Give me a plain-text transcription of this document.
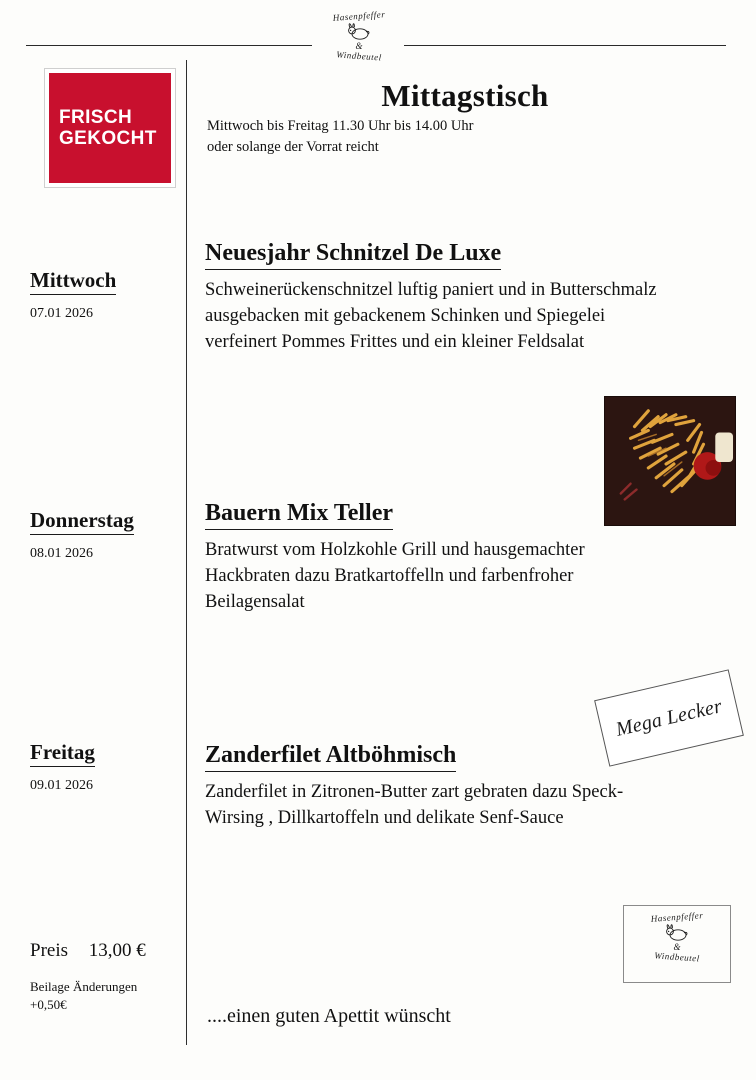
Hasenpfeffer
&
Windbeutel
FRISCH
GEKOCHT
Mittagstisch
Mittwoch bis Freitag 11.30 Uhr bis 14.00 Uhr
oder solange der Vorrat reicht
Mittwoch
07.01 2026
Donnerstag
08.01 2026
Freitag
09.01 2026
Neuesjahr Schnitzel De Luxe
Schweinerückenschnitzel luftig paniert und in Butterschmalz ausgebacken mit gebackenem Schinken und Spiegelei verfeinert Pommes Frittes und ein kleiner Feldsalat
Bauern Mix Teller
Bratwurst vom Holzkohle Grill und hausgemachter Hackbraten dazu Bratkartoffelln und farbenfroher Beilagensalat
Zanderfilet Altböhmisch
Zanderfilet in Zitronen-Butter zart gebraten dazu Speck-Wirsing , Dillkartoffeln und delikate Senf-Sauce
Mega Lecker
Hasenpfeffer
&
Windbeutel
Preis 13,00 €
Beilage Änderungen
+0,50€
....einen guten Apettit wünscht
